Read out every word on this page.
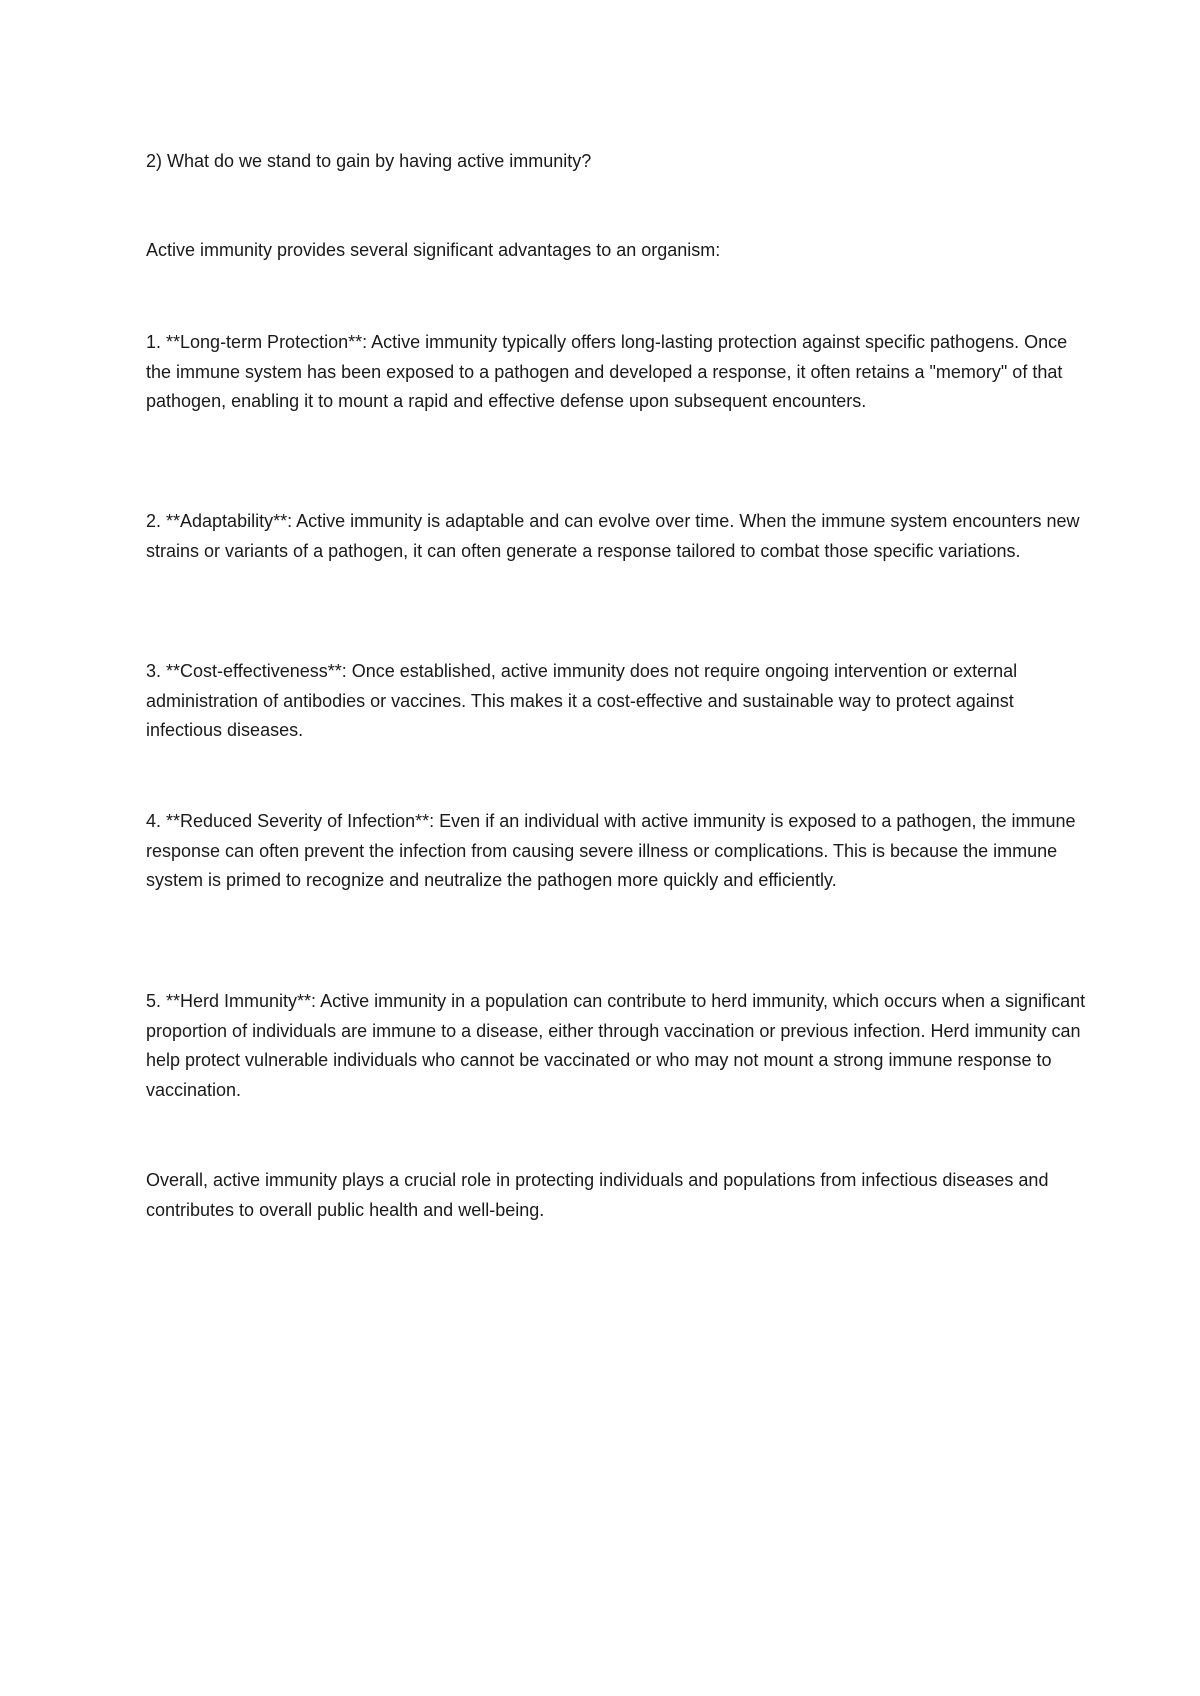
2) What do we stand to gain by having active immunity?

Active immunity provides several significant advantages to an organism:

1. **Long-term Protection**: Active immunity typically offers long-lasting protection against specific pathogens. Once the immune system has been exposed to a pathogen and developed a response, it often retains a "memory" of that pathogen, enabling it to mount a rapid and effective defense upon subsequent encounters.

2. **Adaptability**: Active immunity is adaptable and can evolve over time. When the immune system encounters new strains or variants of a pathogen, it can often generate a response tailored to combat those specific variations.

3. **Cost-effectiveness**: Once established, active immunity does not require ongoing intervention or external administration of antibodies or vaccines. This makes it a cost-effective and sustainable way to protect against infectious diseases.

4. **Reduced Severity of Infection**: Even if an individual with active immunity is exposed to a pathogen, the immune response can often prevent the infection from causing severe illness or complications. This is because the immune system is primed to recognize and neutralize the pathogen more quickly and efficiently.

5. **Herd Immunity**: Active immunity in a population can contribute to herd immunity, which occurs when a significant proportion of individuals are immune to a disease, either through vaccination or previous infection. Herd immunity can help protect vulnerable individuals who cannot be vaccinated or who may not mount a strong immune response to vaccination.

Overall, active immunity plays a crucial role in protecting individuals and populations from infectious diseases and contributes to overall public health and well-being.
